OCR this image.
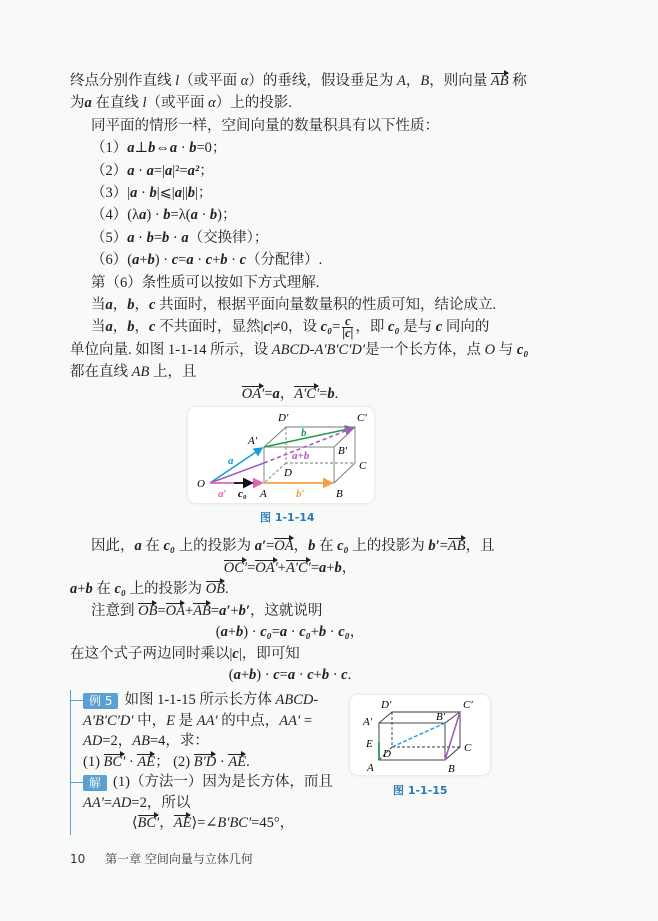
终点分别作直线 l（或平面 α）的垂线，假设垂足为 A，B，则向量 AB 称
为a 在直线 l（或平面 α）上的投影.
同平面的情形一样，空间向量的数量积具有以下性质：
（1）a⊥b⇔a · b=0；
（2）a · a=|a|²=a²；
（3）|a · b|⩽|a||b|；
（4）(λa) · b=λ(a · b)；
（5）a · b=b · a（交换律）；
（6）(a+b) · c=a · c+b · c（分配律）.
第（6）条性质可以按如下方式理解.
当a，b，c 共面时，根据平面向量数量积的性质可知，结论成立.
当a，b，c 不共面时，显然|c|≠0，设 $c_0= \frac{c}{|c|}$ ，即 c₀ 是与 c 同向的
单位向量. 如图 1-1-14 所示，设 ABCD-A′B′C′D′是一个长方体，点 O 与 c₀
都在直线 AB 上，且
OA′=a，A′C′=b.
D′	C′
A′
b
B′
a+b
a	C
D
O
a′ c₀ A	b′	B
图 1-1-14
因此，a 在 c₀ 上的投影为 a′=OA，b 在 c₀ 上的投影为 b′=AB，且
OC′=OA′+A′C′=a+b，
a+b 在 c₀ 上的投影为 OB.
注意到 OB=OA+AB=a′+b′，这就说明
(a+b) · c₀=a · c₀+b · c₀，
在这个式子两边同时乘以|c|，即可知
(a+b) · c=a · c+b · c.
例 5 如图 1-1-15 所示长方体 ABCD-
A′B′C′D′ 中，E 是 AA′ 的中点，AA′ =
AD=2，AB=4，求：
(1) BC′ · AE； (2) B′D · AE.
解 (1)（方法一）因为是长方体，而且
AA′=AD=2，所以
⟨BC′，AE⟩=∠B′BC′=45°，
D′	C′
A′	B′
E
D	C
A	B
图 1-1-15
10 第一章 空间向量与立体几何
